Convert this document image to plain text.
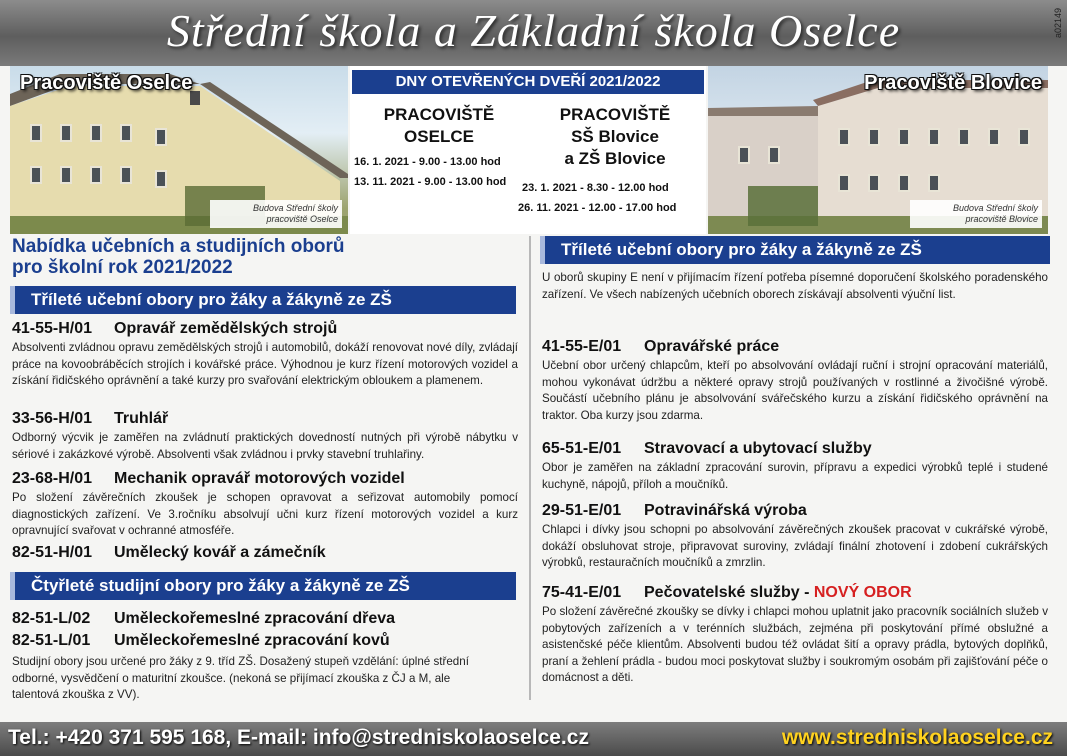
Střední škola a Základní škola Oselce	a02149
Pracoviště Oselce
Budova Střední školy
pracoviště Oselce
DNY OTEVŘENÝCH DVEŘÍ 2021/2022
PRACOVIŠTĚ
OSELCE
16. 1. 2021 - 9.00 - 13.00 hod
13. 11. 2021 - 9.00 - 13.00 hod
PRACOVIŠTĚ
SŠ Blovice
a ZŠ Blovice
23. 1. 2021 - 8.30 - 12.00 hod
26. 11. 2021 - 12.00 - 17.00 hod
Pracoviště Blovice
Budova Střední školy
pracoviště Blovice
Nabídka učebních a studijních oborů
pro školní rok 2021/2022
Tříleté učební obory pro žáky a žákyně ze ZŠ
41-55-H/01 Opravář zemědělských strojů
Absolventi zvládnou opravu zemědělských strojů i automobilů, dokáží renovovat nové díly, zvládají práce na kovoobráběcích strojích i kovářské práce. Výhodnou je kurz řízení motorových vozidel a získání řidičského oprávnění a také kurzy pro svařování elektrickým obloukem a plamenem.
33-56-H/01 Truhlář
Odborný výcvik je zaměřen na zvládnutí praktických dovedností nutných při výrobě nábytku v sériové i zakázkové výrobě. Absolventi však zvládnou i prvky stavební truhlařiny.
23-68-H/01 Mechanik opravář motorových vozidel
Po složení závěrečních zkoušek je schopen opravovat a seřizovat automobily pomocí diagnostických zařízení. Ve 3.ročníku absolvují učni kurz řízení motorových vozidel a kurz opravnující svařovat v ochranné atmosféře.
82-51-H/01 Umělecký kovář a zámečník
Čtyřleté studijní obory pro žáky a žákyně ze ZŠ
82-51-L/02 Uměleckořemeslné zpracování dřeva
82-51-L/01 Uměleckořemeslné zpracování kovů
Studijní obory jsou určené pro žáky z 9. tříd ZŠ. Dosažený stupeň vzdělání: úplné střední odborné, vysvědčení o maturitní zkoušce. (nekoná se přijímací zkouška z ČJ a M, ale talentová zkouška z VV).
Tříleté učební obory pro žáky a žákyně ze ZŠ
U oborů skupiny E není v přijímacím řízení potřeba písemné doporučení školského poradenského zařízení. Ve všech nabízených učebních oborech získávají absolventi výuční list.
41-55-E/01 Opravářské práce
Učební obor určený chlapcům, kteří po absolvování ovládají ruční i strojní opracování materiálů, mohou vykonávat údržbu a některé opravy strojů používaných v rostlinné a živočišné výrobě. Součástí učebního plánu je absolvování svářečského kurzu a získání řidičského oprávnění na traktor. Oba kurzy jsou zdarma.
65-51-E/01 Stravovací a ubytovací služby
Obor je zaměřen na základní zpracování surovin, přípravu a expedici výrobků teplé i studené kuchyně, nápojů, příloh a moučníků.
29-51-E/01 Potravinářská výroba
Chlapci i dívky jsou schopni po absolvování závěrečných zkoušek pracovat v cukrářské výrobě, dokáží obsluhovat stroje, připravovat suroviny, zvládají finální zhotovení i zdobení cukrářských výrobků, restauračních moučníků a zmrzlin.
75-41-E/01 Pečovatelské služby - NOVÝ OBOR
Po složení závěrečné zkoušky se dívky i chlapci mohou uplatnit jako pracovník sociálních služeb v pobytových zařízeních a v terénních službách, zejména při poskytování přímé obslužné a asistenčské péče klientům. Absolventi budou též ovládat šití a opravy prádla, bytových doplňků, praní a žehlení prádla - budou moci poskytovat služby i soukromým osobám při zajišťování péče o domácnost a děti.
Tel.: +420 371 595 168, E-mail: info@stredniskolaoselce.cz	www.stredniskolaoselce.cz
